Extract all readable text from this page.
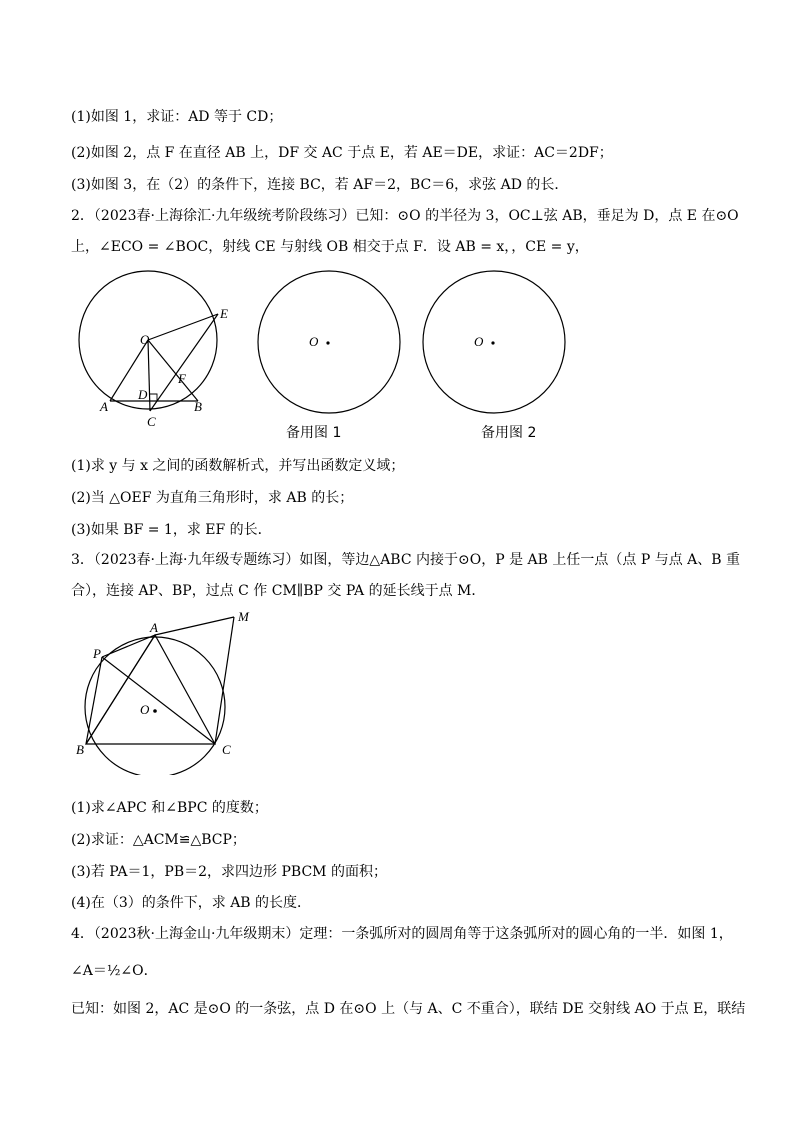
(1)如图 1，求证：AD 等于 CD；
(2)如图 2，点 F 在直径 AB 上，DF 交 AC 于点 E，若 AE＝DE，求证：AC＝2DF；
(3)如图 3，在（2）的条件下，连接 BC，若 AF＝2，BC＝6，求弦 AD 的长．
2．（2023春·上海徐汇·九年级统考阶段练习）已知：⊙O 的半径为 3，OC⊥弦 AB，垂足为 D，点 E 在⊙O
上，∠ECO = ∠BOC，射线 CE 与射线 OB 相交于点 F．设 AB = x，，CE = y，
O
E
D
F
A	B
C
O
备用图 1
O
备用图 2
(1)求 y 与 x 之间的函数解析式，并写出函数定义域；
(2)当 △OEF 为直角三角形时，求 AB 的长；
(3)如果 BF = 1，求 EF 的长．
3．（2023春·上海·九年级专题练习）如图，等边△ABC 内接于⊙O，P 是 AB 上任一点（点 P 与点 A、B 重
合），连接 AP、BP，过点 C 作 CM∥BP 交 PA 的延长线于点 M．
M
A
P
O
B	C
(1)求∠APC 和∠BPC 的度数；
(2)求证：△ACM≌△BCP；
(3)若 PA＝1，PB＝2，求四边形 PBCM 的面积；
(4)在（3）的条件下，求 AB 的长度．
4．（2023秋·上海金山·九年级期末）定理：一条弧所对的圆周角等于这条弧所对的圆心角的一半．如图 1，
∠A＝½∠O．
已知：如图 2，AC 是⊙O 的一条弦，点 D 在⊙O 上（与 A、C 不重合），联结 DE 交射线 AO 于点 E，联结
